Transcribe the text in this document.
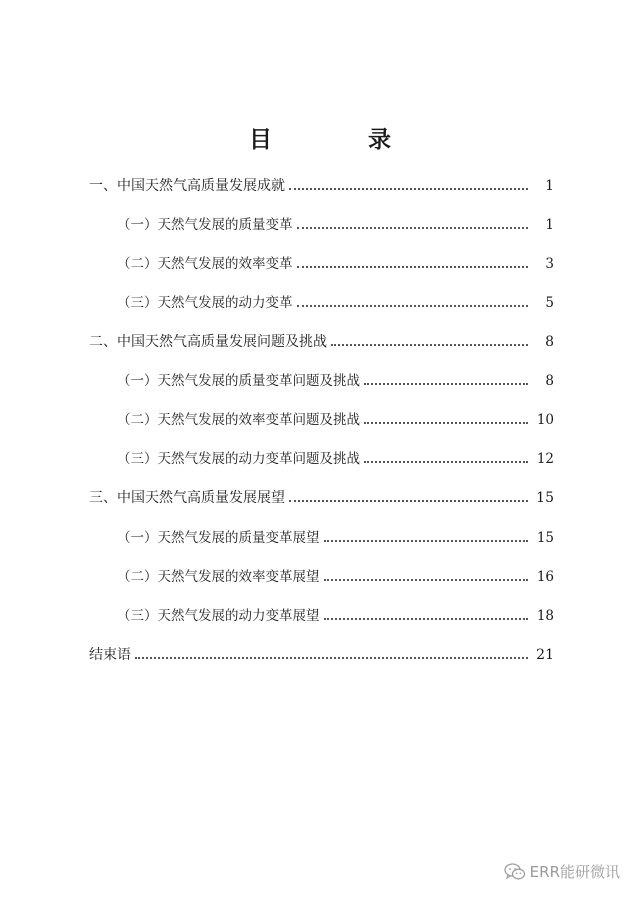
目 录
一、中国天然气高质量发展成就	1
（一）天然气发展的质量变革	1
（二）天然气发展的效率变革	3
（三）天然气发展的动力变革	5
二、中国天然气高质量发展问题及挑战	8
（一）天然气发展的质量变革问题及挑战	8
（二）天然气发展的效率变革问题及挑战	10
（三）天然气发展的动力变革问题及挑战	12
三、中国天然气高质量发展展望	15
（一）天然气发展的质量变革展望	15
（二）天然气发展的效率变革展望	16
（三）天然气发展的动力变革展望	18
结束语	21
ERR能研微讯
